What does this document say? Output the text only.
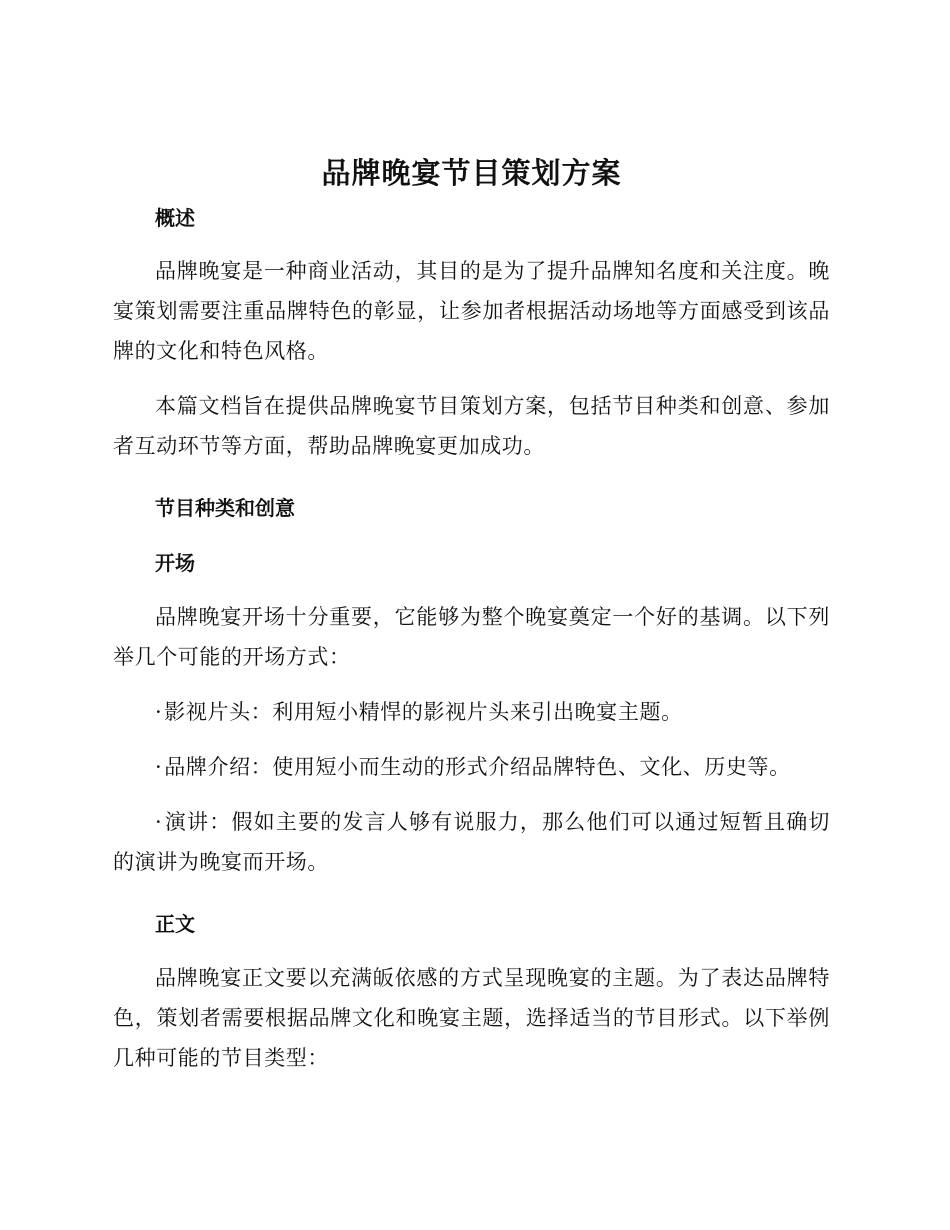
品牌晚宴节目策划方案
概述

品牌晚宴是一种商业活动，其目的是为了提升品牌知名度和关注度。晚宴策划需要注重品牌特色的彰显，让参加者根据活动场地等方面感受到该品牌的文化和特色风格。

本篇文档旨在提供品牌晚宴节目策划方案，包括节目种类和创意、参加者互动环节等方面，帮助品牌晚宴更加成功。

节目种类和创意
开场

品牌晚宴开场十分重要，它能够为整个晚宴奠定一个好的基调。以下列举几个可能的开场方式：

·影视片头：利用短小精悍的影视片头来引出晚宴主题。

·品牌介绍：使用短小而生动的形式介绍品牌特色、文化、历史等。

·演讲：假如主要的发言人够有说服力，那么他们可以通过短暂且确切的演讲为晚宴而开场。

正文

品牌晚宴正文要以充满皈依感的方式呈现晚宴的主题。为了表达品牌特色，策划者需要根据品牌文化和晚宴主题，选择适当的节目形式。以下举例几种可能的节目类型：
